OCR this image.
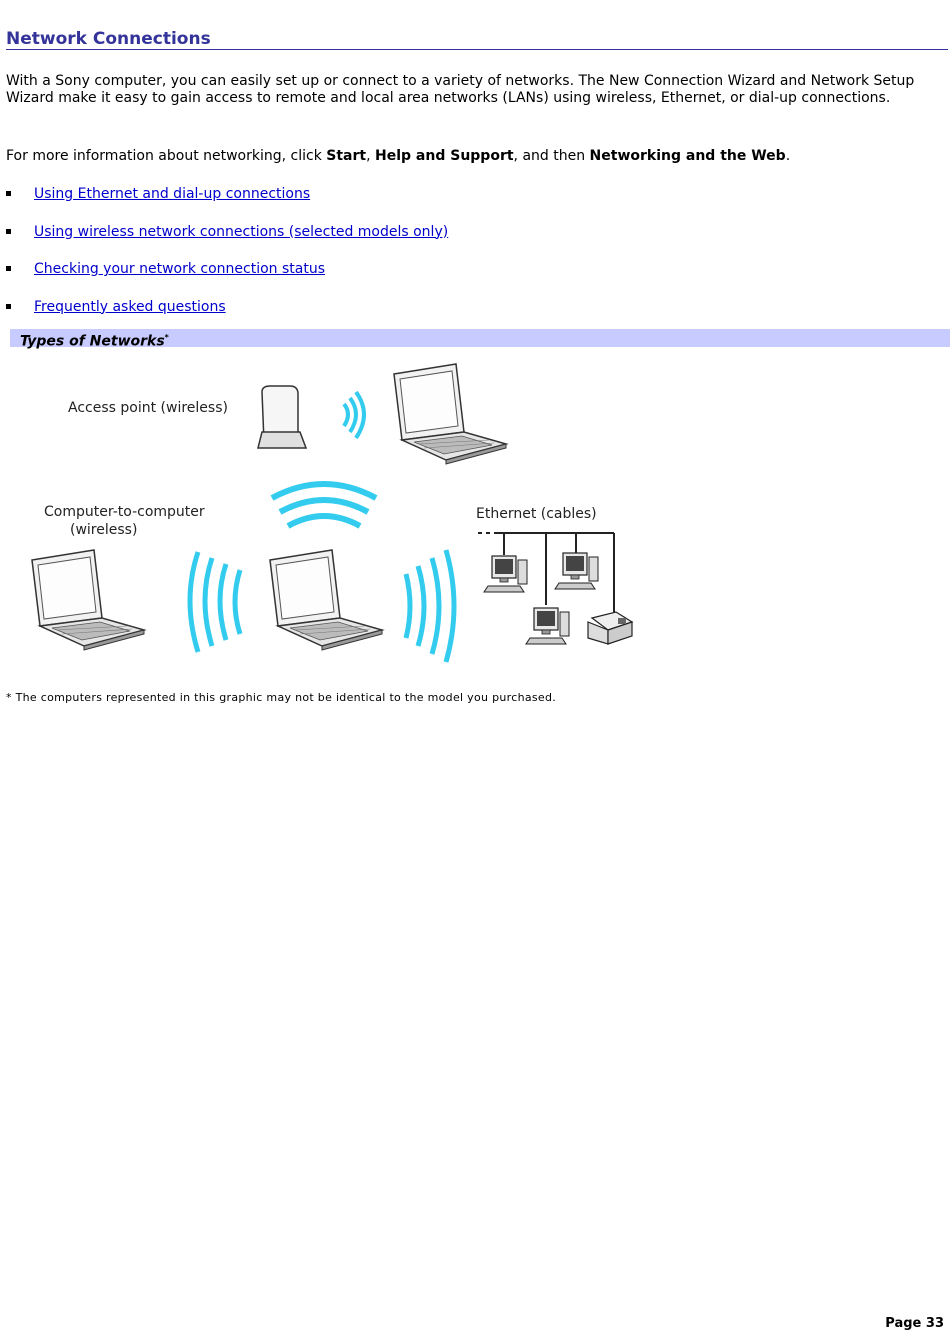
Network Connections

With a Sony computer, you can easily set up or connect to a variety of networks. The New Connection Wizard and Network Setup Wizard make it easy to gain access to remote and local area networks (LANs) using wireless, Ethernet, or dial-up connections.

For more information about networking, click Start, Help and Support, and then Networking and the Web.

Using Ethernet and dial-up connections
Using wireless network connections (selected models only)
Checking your network connection status
Frequently asked questions
Types of Networks*
Access point (wireless)
Computer-to-computer
(wireless)
Ethernet (cables)

* The computers represented in this graphic may not be identical to the model you purchased.

Page 33
